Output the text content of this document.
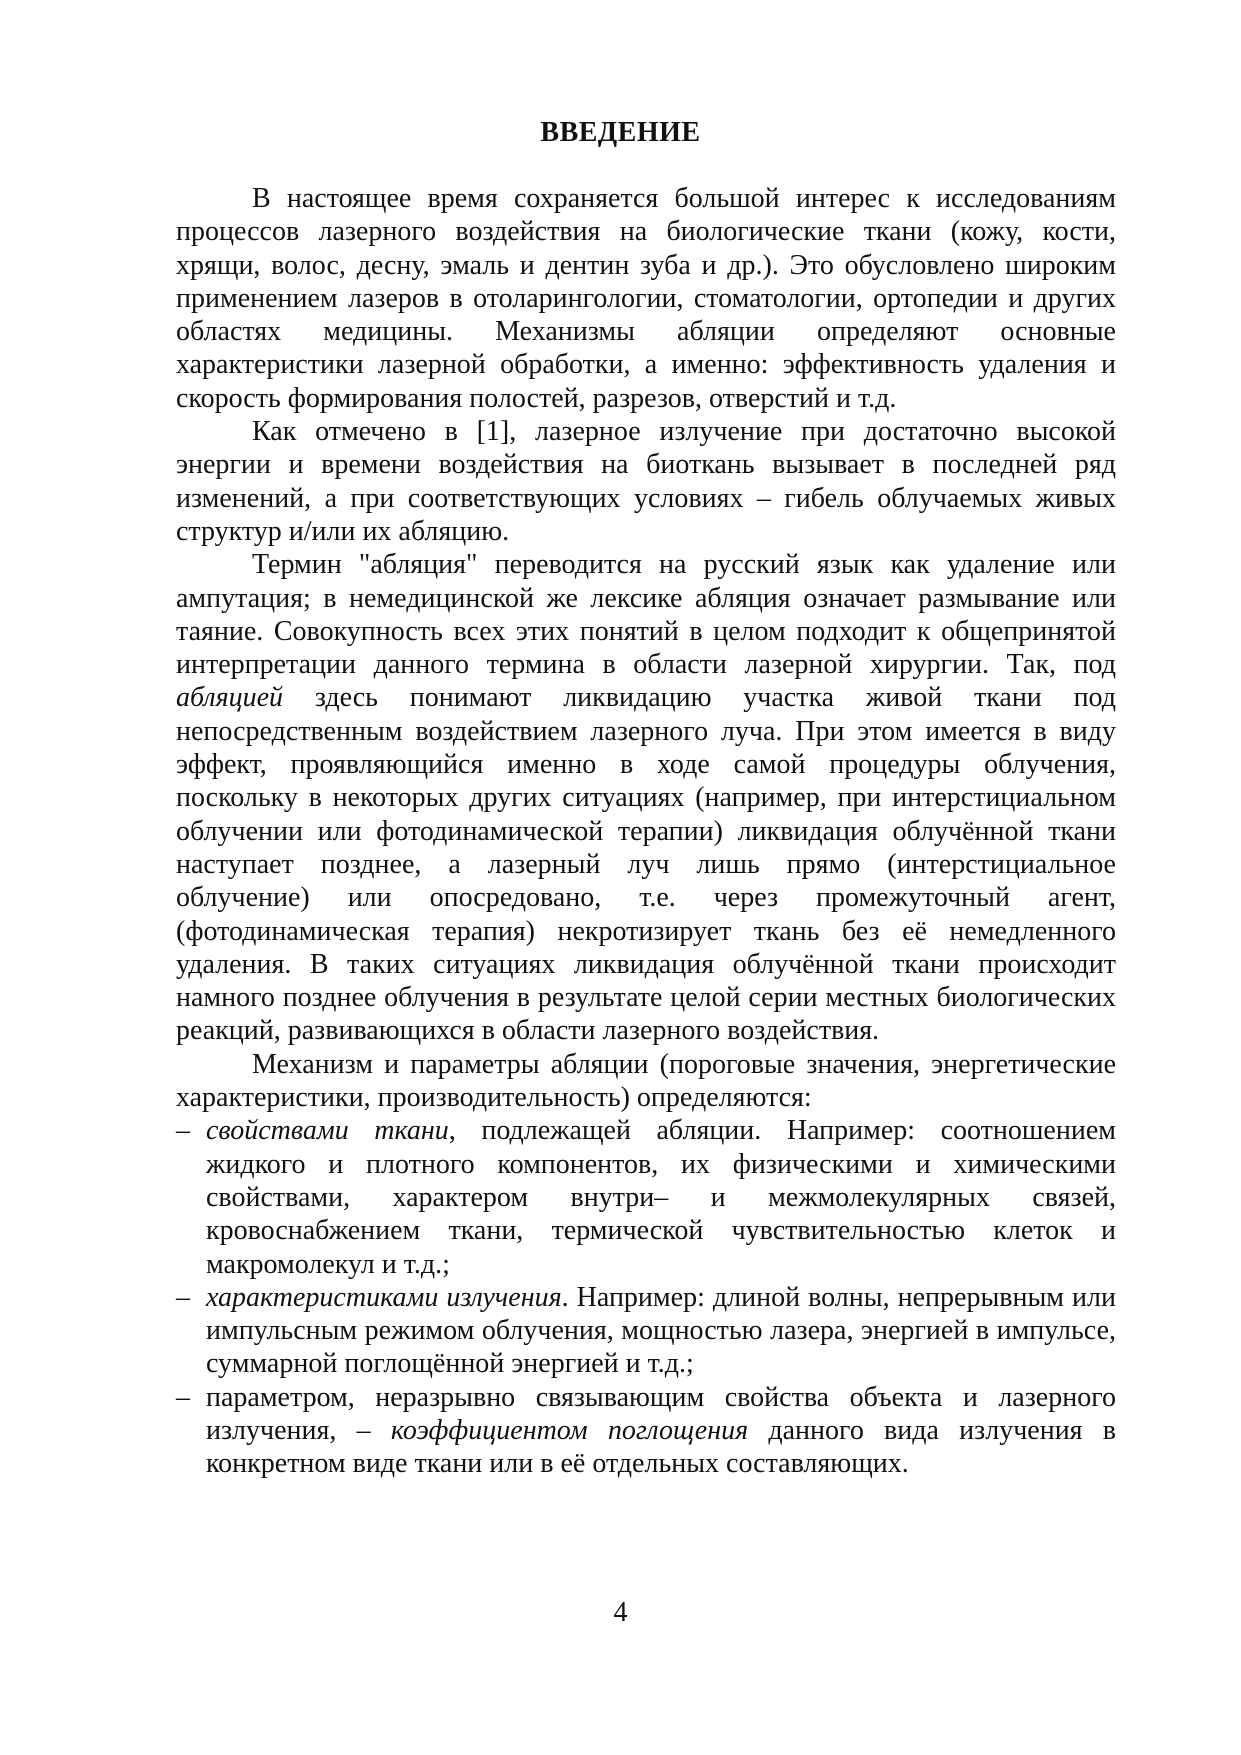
ВВЕДЕНИЕ

В настоящее время сохраняется большой интерес к исследованиям процессов лазерного воздействия на биологические ткани (кожу, кости, хрящи, волос, десну, эмаль и дентин зуба и др.). Это обусловлено широким применением лазеров в отоларингологии, стоматологии, ортопедии и других областях медицины. Механизмы абляции определяют основные характеристики лазерной обработки, а именно: эффективность удаления и скорость формирования полостей, разрезов, отверстий и т.д.

Как отмечено в [1], лазерное излучение при достаточно высокой энергии и времени воздействия на биоткань вызывает в последней ряд изменений, а при соответствующих условиях – гибель облучаемых живых структур и/или их абляцию.

Термин "абляция" переводится на русский язык как удаление или ампутация; в немедицинской же лексике абляция означает размывание или таяние. Совокупность всех этих понятий в целом подходит к общепринятой интерпретации данного термина в области лазерной хирургии. Так, под абляцией здесь понимают ликвидацию участка живой ткани под непосредственным воздействием лазерного луча. При этом имеется в виду эффект, проявляющийся именно в ходе самой процедуры облучения, поскольку в некоторых других ситуациях (например, при интерстициальном облучении или фотодинамической терапии) ликвидация облучённой ткани наступает позднее, а лазерный луч лишь прямо (интерстициальное облучение) или опосредовано, т.е. через промежуточный агент, (фотодинамическая терапия) некротизирует ткань без её немедленного удаления. В таких ситуациях ликвидация облучённой ткани происходит намного позднее облучения в результате целой серии местных биологических реакций, развивающихся в области лазерного воздействия.

Механизм и параметры абляции (пороговые значения, энергетические характеристики, производительность) определяются:

– свойствами ткани, подлежащей абляции. Например: соотношением жидкого и плотного компонентов, их физическими и химическими свойствами, характером внутри– и межмолекулярных связей, кровоснабжением ткани, термической чувствительностью клеток и макромолекул и т.д.;
– характеристиками излучения. Например: длиной волны, непрерывным или импульсным режимом облучения, мощностью лазера, энергией в импульсе, суммарной поглощённой энергией и т.д.;
– параметром, неразрывно связывающим свойства объекта и лазерного излучения, – коэффициентом поглощения данного вида излучения в конкретном виде ткани или в её отдельных составляющих.
4
